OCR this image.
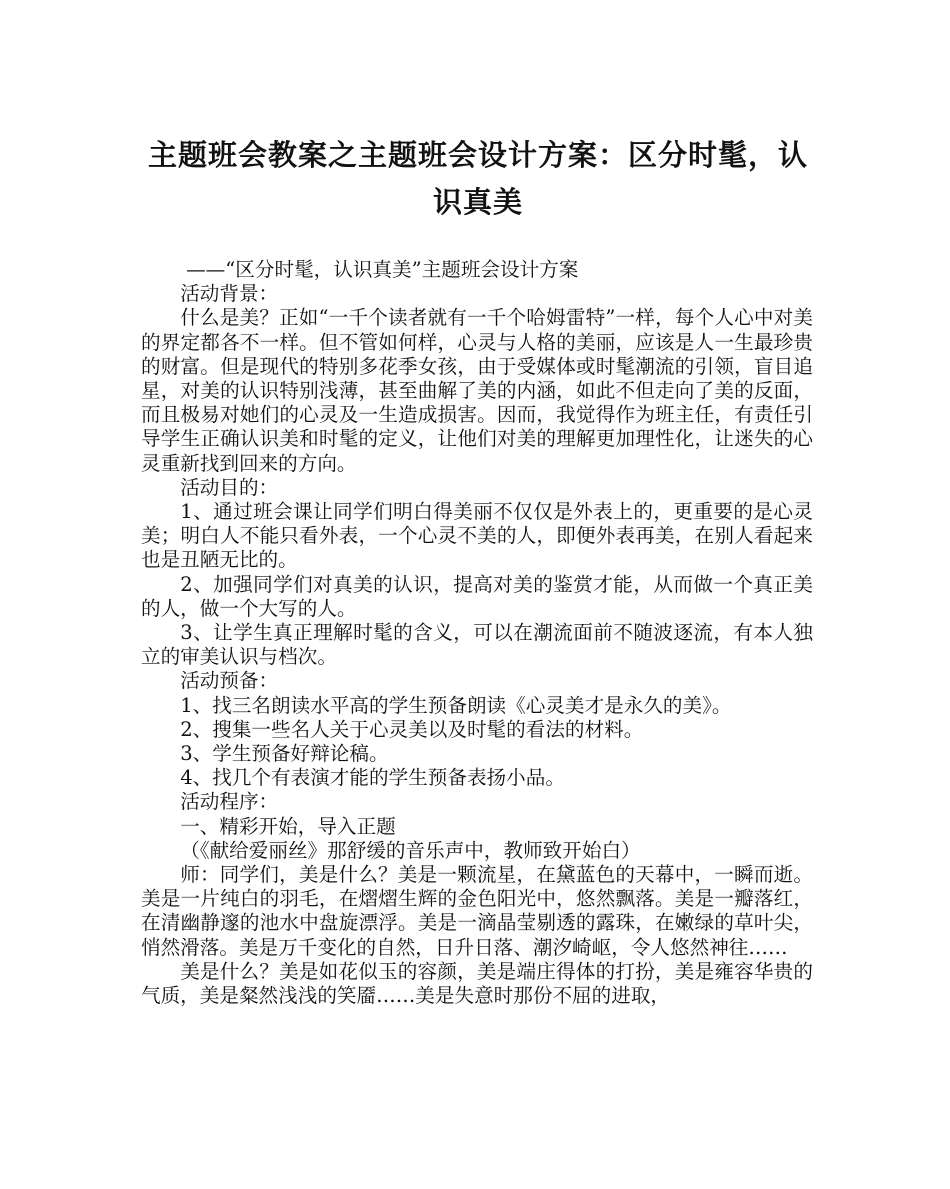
主题班会教案之主题班会设计方案：区分时髦，认识真美

——“区分时髦，认识真美”主题班会设计方案

活动背景：

什么是美？正如“一千个读者就有一千个哈姆雷特”一样，每个人心中对美的界定都各不一样。但不管如何样，心灵与人格的美丽，应该是人一生最珍贵的财富。但是现代的特别多花季女孩，由于受媒体或时髦潮流的引领，盲目追星，对美的认识特别浅薄，甚至曲解了美的内涵，如此不但走向了美的反面，而且极易对她们的心灵及一生造成损害。因而，我觉得作为班主任，有责任引导学生正确认识美和时髦的定义，让他们对美的理解更加理性化，让迷失的心灵重新找到回来的方向。

活动目的：

1、通过班会课让同学们明白得美丽不仅仅是外表上的，更重要的是心灵美；明白人不能只看外表，一个心灵不美的人，即便外表再美，在别人看起来也是丑陋无比的。

2、加强同学们对真美的认识，提高对美的鉴赏才能，从而做一个真正美的人，做一个大写的人。

3、让学生真正理解时髦的含义，可以在潮流面前不随波逐流，有本人独立的审美认识与档次。

活动预备：

1、找三名朗读水平高的学生预备朗读《心灵美才是永久的美》。

2、搜集一些名人关于心灵美以及时髦的看法的材料。

3、学生预备好辩论稿。

4、找几个有表演才能的学生预备表扬小品。

活动程序：

一、精彩开始，导入正题

（《献给爱丽丝》那舒缓的音乐声中，教师致开始白）

师：同学们，美是什么？美是一颗流星，在黛蓝色的天幕中，一瞬而逝。 美是一片纯白的羽毛，在熠熠生辉的金色阳光中，悠然飘落。美是一瓣落红，在清幽静邃的池水中盘旋漂浮。美是一滴晶莹剔透的露珠，在嫩绿的草叶尖，悄然滑落。美是万千变化的自然，日升日落、潮汐崎岖，令人悠然神往……

美是什么？美是如花似玉的容颜，美是端庄得体的打扮，美是雍容华贵的气质，美是粲然浅浅的笑靥……美是失意时那份不屈的进取，
